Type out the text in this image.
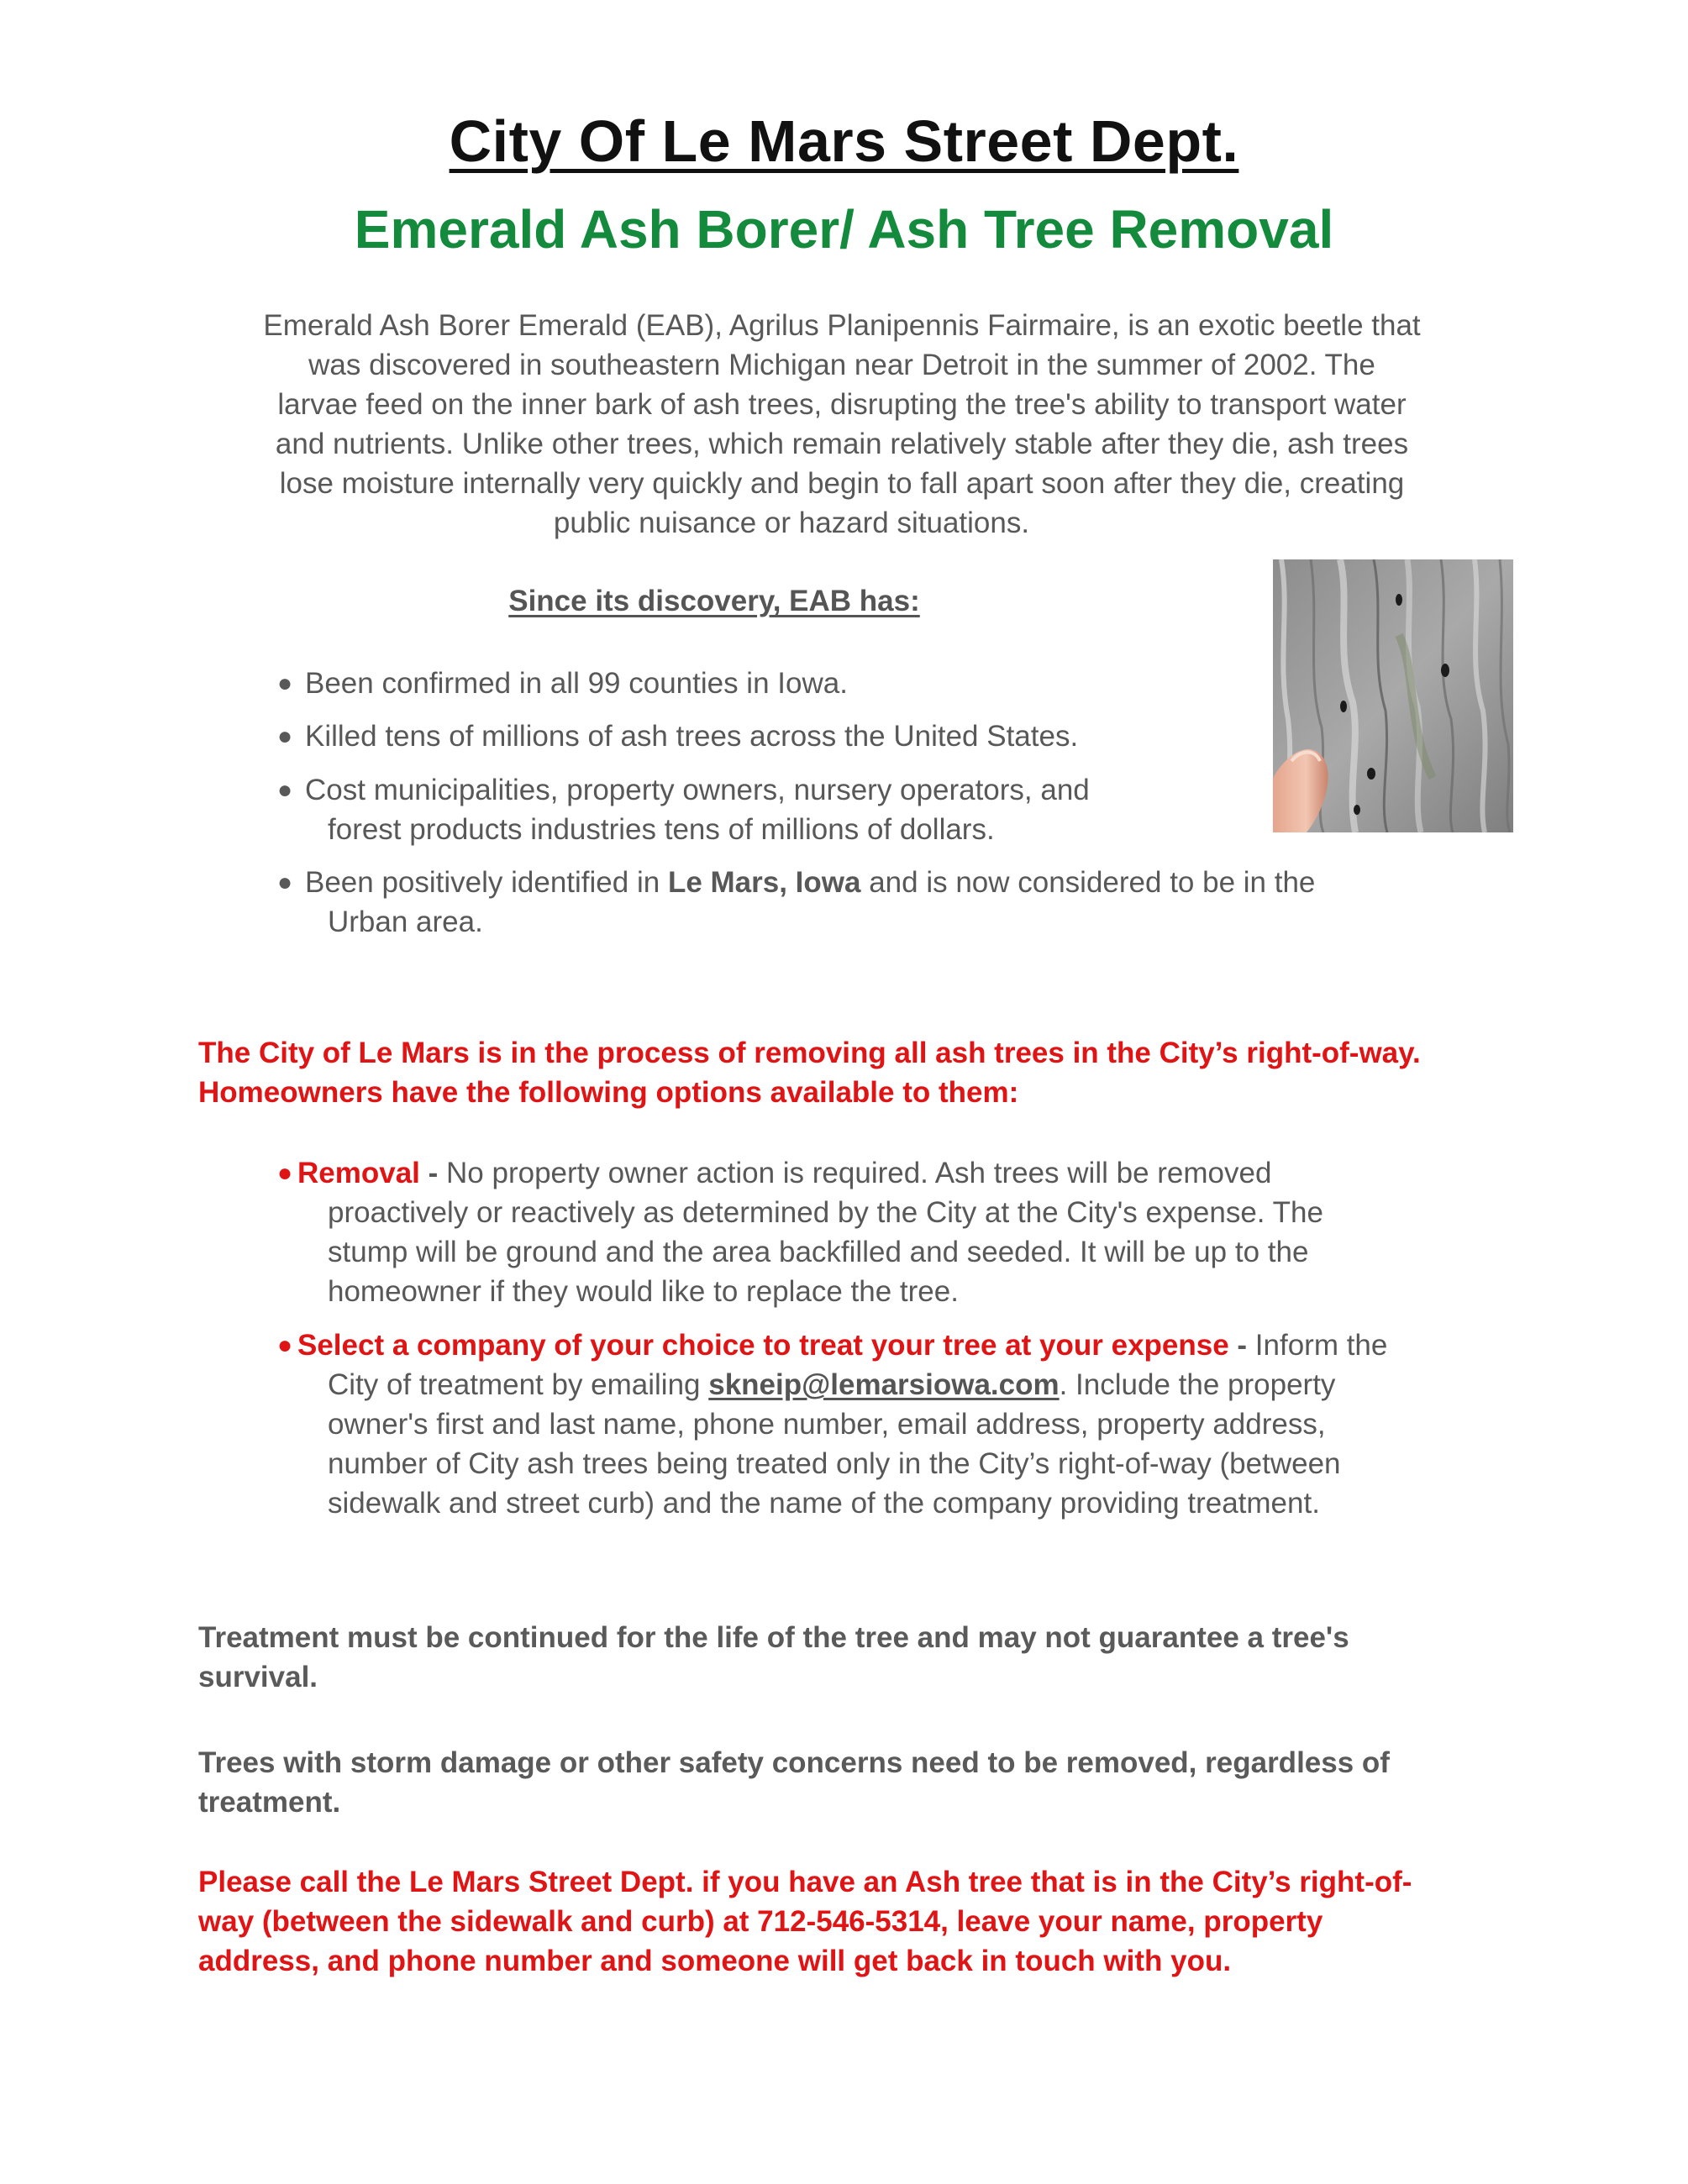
City Of Le Mars Street Dept.
Emerald Ash Borer/ Ash Tree Removal
Emerald Ash Borer Emerald (EAB), Agrilus Planipennis Fairmaire, is an exotic beetle that
was discovered in southeastern Michigan near Detroit in the summer of 2002. The
larvae feed on the inner bark of ash trees, disrupting the tree's ability to transport water
and nutrients. Unlike other trees, which remain relatively stable after they die, ash trees
lose moisture internally very quickly and begin to fall apart soon after they die, creating
public nuisance or hazard situations.
Since its discovery, EAB has:
● Been confirmed in all 99 counties in Iowa.
● Killed tens of millions of ash trees across the United States.
● Cost municipalities, property owners, nursery operators, and
forest products industries tens of millions of dollars.
● Been positively identified in Le Mars, Iowa and is now considered to be in the
Urban area.
The City of Le Mars is in the process of removing all ash trees in the City’s right-of-way.
Homeowners have the following options available to them:
● Removal - No property owner action is required. Ash trees will be removed
proactively or reactively as determined by the City at the City's expense. The
stump will be ground and the area backfilled and seeded. It will be up to the
homeowner if they would like to replace the tree.
● Select a company of your choice to treat your tree at your expense - Inform the
City of treatment by emailing skneip@lemarsiowa.com. Include the property
owner's first and last name, phone number, email address, property address,
number of City ash trees being treated only in the City’s right-of-way (between
sidewalk and street curb) and the name of the company providing treatment.
Treatment must be continued for the life of the tree and may not guarantee a tree's
survival.
Trees with storm damage or other safety concerns need to be removed, regardless of
treatment.
Please call the Le Mars Street Dept. if you have an Ash tree that is in the City’s right-of-
way (between the sidewalk and curb) at 712-546-5314, leave your name, property
address, and phone number and someone will get back in touch with you.
